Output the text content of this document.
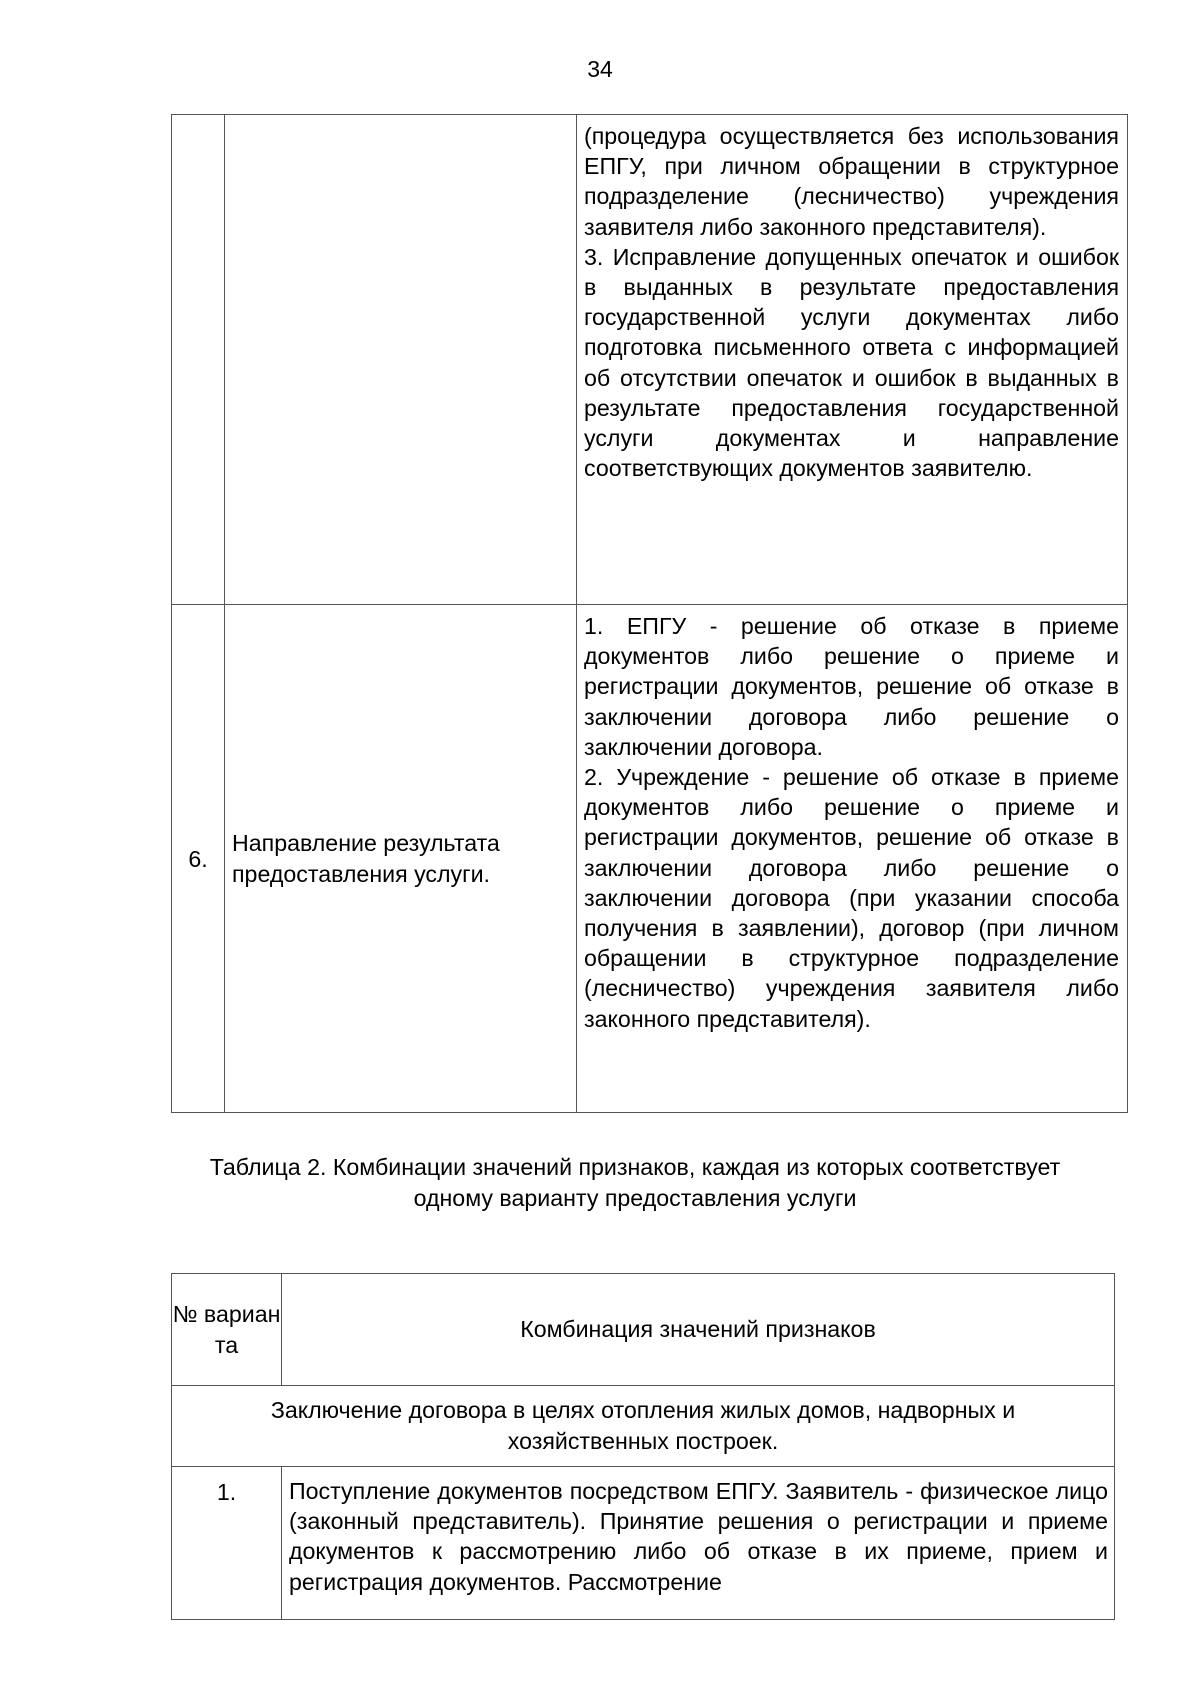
34

		(процедура осуществляется без использования ЕПГУ, при личном обращении в структурное подразделение (лесничество) учреждения заявителя либо законного представителя).

3. Исправление допущенных опечаток и ошибок в выданных в результате предоставления государственной услуги документах либо подготовка письменного ответа с информацией об отсутствии опечаток и ошибок в выданных в результате предоставления государственной услуги документах и направление соответствующих документов заявителю.

6.	Направление результата предоставления услуги.	1. ЕПГУ - решение об отказе в приеме документов либо решение о приеме и регистрации документов, решение об отказе в заключении договора либо решение о заключении договора.

2. Учреждение - решение об отказе в приеме документов либо решение о приеме и регистрации документов, решение об отказе в заключении договора либо решение о заключении договора (при указании способа получения в заявлении), договор (при личном обращении в структурное подразделение (лесничество) учреждения заявителя либо законного представителя).

Таблица 2. Комбинации значений признаков, каждая из которых соответствует одному варианту предоставления услуги
№ вариан та	Комбинация значений признаков
Заключение договора в целях отопления жилых домов, надворных и хозяйственных построек.	
1.	Поступление документов посредством ЕПГУ. Заявитель - физическое лицо (законный представитель). Принятие решения о регистрации и приеме документов к рассмотрению либо об отказе в их приеме, прием и регистрация документов. Рассмотрение
